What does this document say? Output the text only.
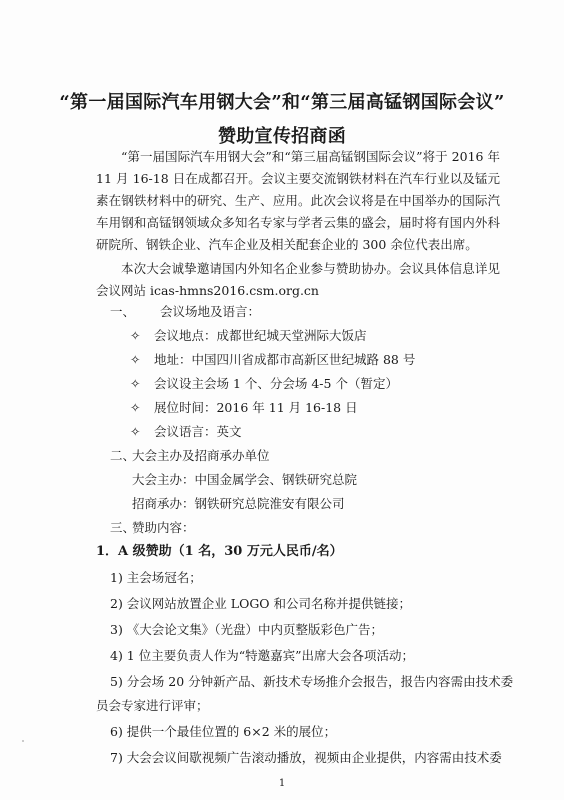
“第一届国际汽车用钢大会”和“第三届高锰钢国际会议”
赞助宣传招商函
“第一届国际汽车用钢大会”和“第三届高锰钢国际会议”将于 2016 年 11 月 16-18 日在成都召开。会议主要交流钢铁材料在汽车行业以及锰元素在钢铁材料中的研究、生产、应用。此次会议将是在中国举办的国际汽车用钢和高锰钢领域众多知名专家与学者云集的盛会，届时将有国内外科研院所、钢铁企业、汽车企业及相关配套企业的 300 余位代表出席。
本次大会诚挚邀请国内外知名企业参与赞助协办。会议具体信息详见会议网站 icas-hmns2016.csm.org.cn
一、 会议场地及语言：
✧ 会议地点：成都世纪城天堂洲际大饭店
✧ 地址：中国四川省成都市高新区世纪城路 88 号
✧ 会议设主会场 1 个、分会场 4-5 个（暂定）
✧ 展位时间：2016 年 11 月 16-18 日
✧ 会议语言：英文
二、
大会主办及招商承办单位
大会主办：中国金属学会、钢铁研究总院
招商承办：钢铁研究总院淮安有限公司
三、
赞助内容：
1．A 级赞助（1 名，30 万元人民币/名）
1) 主会场冠名；
2) 会议网站放置企业 LOGO 和公司名称并提供链接；
3) 《大会论文集》（光盘）中内页整版彩色广告；
4) 1 位主要负责人作为“特邀嘉宾”出席大会各项活动；
5) 分会场 20 分钟新产品、新技术专场推介会报告，报告内容需由技术委
员会专家进行评审；
6) 提供一个最佳位置的 6×2 米的展位；
7) 大会会议间歇视频广告滚动播放，视频由企业提供，内容需由技术委
1
